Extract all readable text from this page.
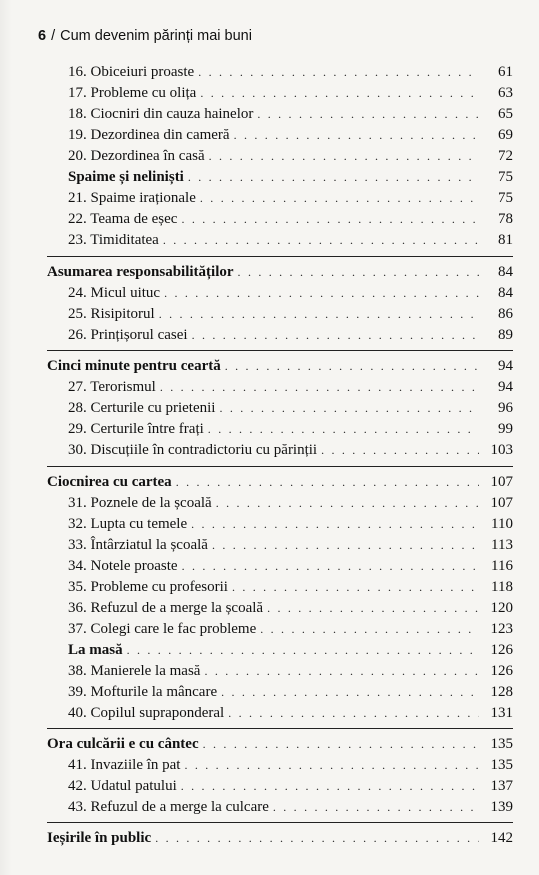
6 / Cum devenim părinți mai buni
16. Obiceiuri proaste . . .	61
17. Probleme cu olița . . .	63
18. Ciocniri din cauza hainelor . . .	65
19. Dezordinea din cameră . . .	69
20. Dezordinea în casă . . .	72
Spaime și neliniști . . .	75
21. Spaime iraționale . . .	75
22. Teama de eșec . . .	78
23. Timiditatea . . .	81
Asumarea responsabilităților . . .	84
24. Micul uituc . . .	84
25. Risipitorul . . .	86
26. Prințișorul casei . . .	89
Cinci minute pentru ceartă . . .	94
27. Terorismul . . .	94
28. Certurile cu prietenii . . .	96
29. Certurile între frați . . .	99
30. Discuțiile în contradictoriu cu părinții . . .	103
Ciocnirea cu cartea . . .	107
31. Poznele de la școală . . .	107
32. Lupta cu temele . . .	110
33. Întârziatul la școală . . .	113
34. Notele proaste . . .	116
35. Probleme cu profesorii . . .	118
36. Refuzul de a merge la școală . . .	120
37. Colegi care le fac probleme . . .	123
La masă . . .	126
38. Manierele la masă . . .	126
39. Mofturile la mâncare . . .	128
40. Copilul supraponderal . . .	131
Ora culcării e cu cântec . . .	135
41. Invaziile în pat . . .	135
42. Udatul patului . . .	137
43. Refuzul de a merge la culcare . . .	139
Ieșirile în public . . .	142
